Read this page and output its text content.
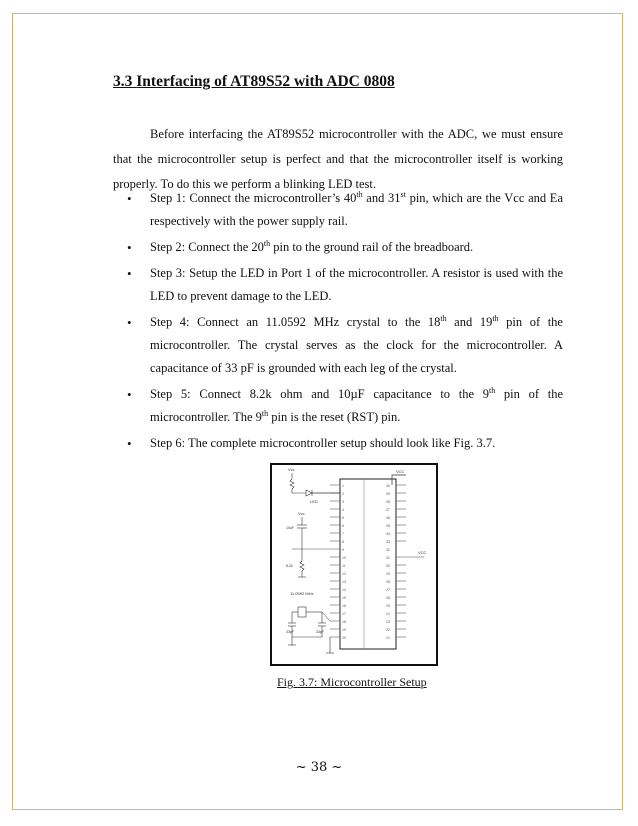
3.3 Interfacing of AT89S52 with ADC 0808
Before interfacing the AT89S52 microcontroller with the ADC, we must ensure that the microcontroller setup is perfect and that the microcontroller itself is working properly. To do this we perform a blinking LED test.
• Step 1: Connect the microcontroller’s 40th and 31st pin, which are the Vcc and Ea respectively with the power supply rail.
• Step 2: Connect the 20th pin to the ground rail of the breadboard.
• Step 3: Setup the LED in Port 1 of the microcontroller. A resistor is used with the LED to prevent damage to the LED.
• Step 4: Connect an 11.0592 MHz crystal to the 18th and 19th pin of the microcontroller. The crystal serves as the clock for the microcontroller. A capacitance of 33 pF is grounded with each leg of the crystal.
• Step 5: Connect 8.2k ohm and 10µF capacitance to the 9th pin of the microcontroller. The 9th pin is the reset (RST) pin.
• Step 6: The complete microcontroller setup should look like Fig. 3.7.
1
2
3
4
5
6
7
8
9
10
11
12
13
14
15
16
17
18
19
20
40
39
38
37
36
35
34
33
32
31
30
29
28
27
26
25
24
23
22
21
VCC
VCC
Vcc
LED
Vcc
10uF
8.2k
11.0592 MHz
33pF	33pF
Fig. 3.7: Microcontroller Setup
~ 38 ~
